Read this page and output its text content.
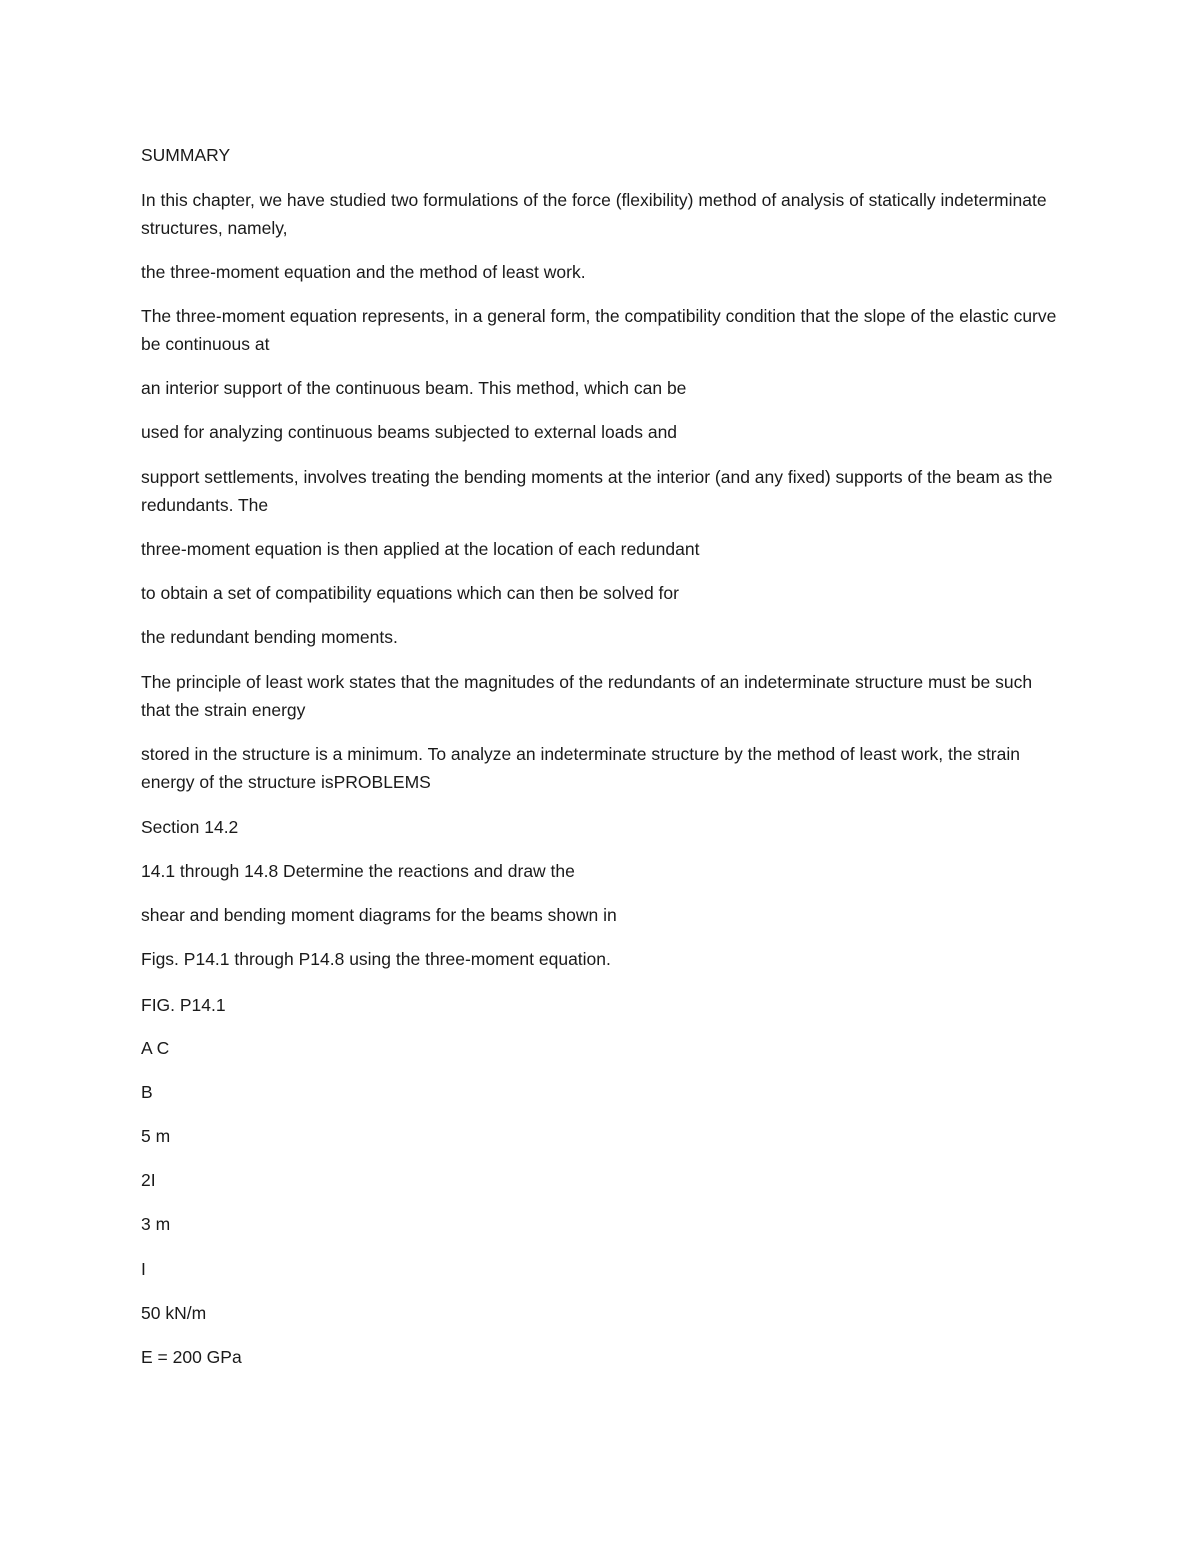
SUMMARY

In this chapter, we have studied two formulations of the force (flexibility) method of analysis of statically indeterminate structures, namely,

the three-moment equation and the method of least work.

The three-moment equation represents, in a general form, the compatibility condition that the slope of the elastic curve be continuous at

an interior support of the continuous beam. This method, which can be

used for analyzing continuous beams subjected to external loads and

support settlements, involves treating the bending moments at the interior (and any fixed) supports of the beam as the redundants. The

three-moment equation is then applied at the location of each redundant

to obtain a set of compatibility equations which can then be solved for

the redundant bending moments.

The principle of least work states that the magnitudes of the redundants of an indeterminate structure must be such that the strain energy

stored in the structure is a minimum. To analyze an indeterminate structure by the method of least work, the strain energy of the structure isPROBLEMS

Section 14.2

14.1 through 14.8 Determine the reactions and draw the

shear and bending moment diagrams for the beams shown in

Figs. P14.1 through P14.8 using the three-moment equation.

FIG. P14.1

A C

B

5 m

2I

3 m

I

50 kN/m

E = 200 GPa
